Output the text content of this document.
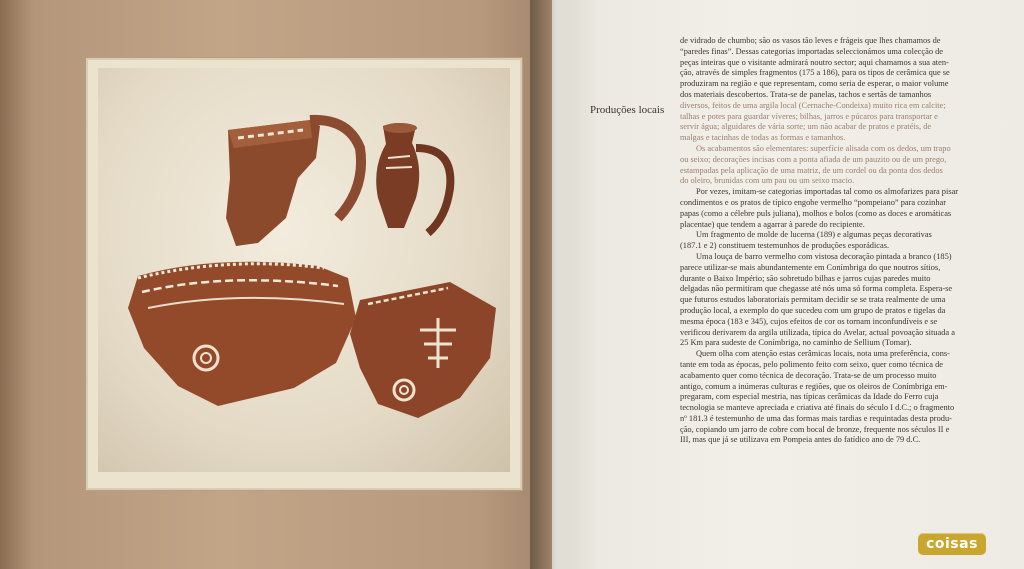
Produções locais

de vidrado de chumbo; são os vasos tão leves e frágeis que lhes chamamos de

“paredes finas”. Dessas categorias importadas seleccionámos uma colecção de

peças inteiras que o visitante admirará noutro sector; aqui chamamos a sua aten-

ção, através de simples fragmentos (175 a 186), para os tipos de cerâmica que se

produziram na região e que representam, como seria de esperar, o maior volume

dos materiais descobertos. Trata-se de panelas, tachos e sertãs de tamanhos

diversos, feitos de uma argila local (Cernache-Condeixa) muito rica em calcite;

talhas e potes para guardar víveres; bilhas, jarros e púcaros para transportar e

servir água; alguidares de vária sorte; um não acabar de pratos e pratéis, de

malgas e tacinhas de todas as formas e tamanhos.

Os acabamentos são elementares: superfície alisada com os dedos, um trapo

ou seixo; decorações incisas com a ponta afiada de um pauzito ou de um prego,

estampadas pela aplicação de uma matriz, de um cordel ou da ponta dos dedos

do oleiro, brunidas com um pau ou um seixo macio.

Por vezes, imitam-se categorias importadas tal como os almofarizes para pisar

condimentos e os pratos de típico engobe vermelho “pompeiano” para cozinhar

papas (como a célebre puls juliana), molhos e bolos (como as doces e aromáticas

placentae) que tendem a agarrar à parede do recipiente.

Um fragmento de molde de lucerna (189) e algumas peças decorativas

(187.1 e 2) constituem testemunhos de produções esporádicas.

Uma louça de barro vermelho com vistosa decoração pintada a branco (185)

parece utilizar-se mais abundantemente em Conímbriga do que noutros sítios,

durante o Baixo Império; são sobretudo bilhas e jarros cujas paredes muito

delgadas não permitiram que chegasse até nós uma só forma completa. Espera-se

que futuros estudos laboratoriais permitam decidir se se trata realmente de uma

produção local, a exemplo do que sucedeu com um grupo de pratos e tigelas da

mesma época (183 e 345), cujos efeitos de cor os tornam inconfundíveis e se

verificou derivarem da argila utilizada, típica do Avelar, actual povoação situada a

25 Km para sudeste de Conímbriga, no caminho de Sellium (Tomar).

Quem olha com atenção estas cerâmicas locais, nota uma preferência, cons-

tante em toda as épocas, pelo polimento feito com seixo, quer como técnica de

acabamento quer como técnica de decoração. Trata-se de um processo muito

antigo, comum a inúmeras culturas e regiões, que os oleiros de Conímbriga em-

pregaram, com especial mestria, nas típicas cerâmicas da Idade do Ferro cuja

tecnologia se manteve apreciada e criativa até finais do século I d.C.; o fragmento

nº 181.3 é testemunho de uma das formas mais tardias e requintadas desta produ-

ção, copiando um jarro de cobre com bocal de bronze, frequente nos séculos II e

III, mas que já se utilizava em Pompeia antes do fatídico ano de 79 d.C.

coisas
